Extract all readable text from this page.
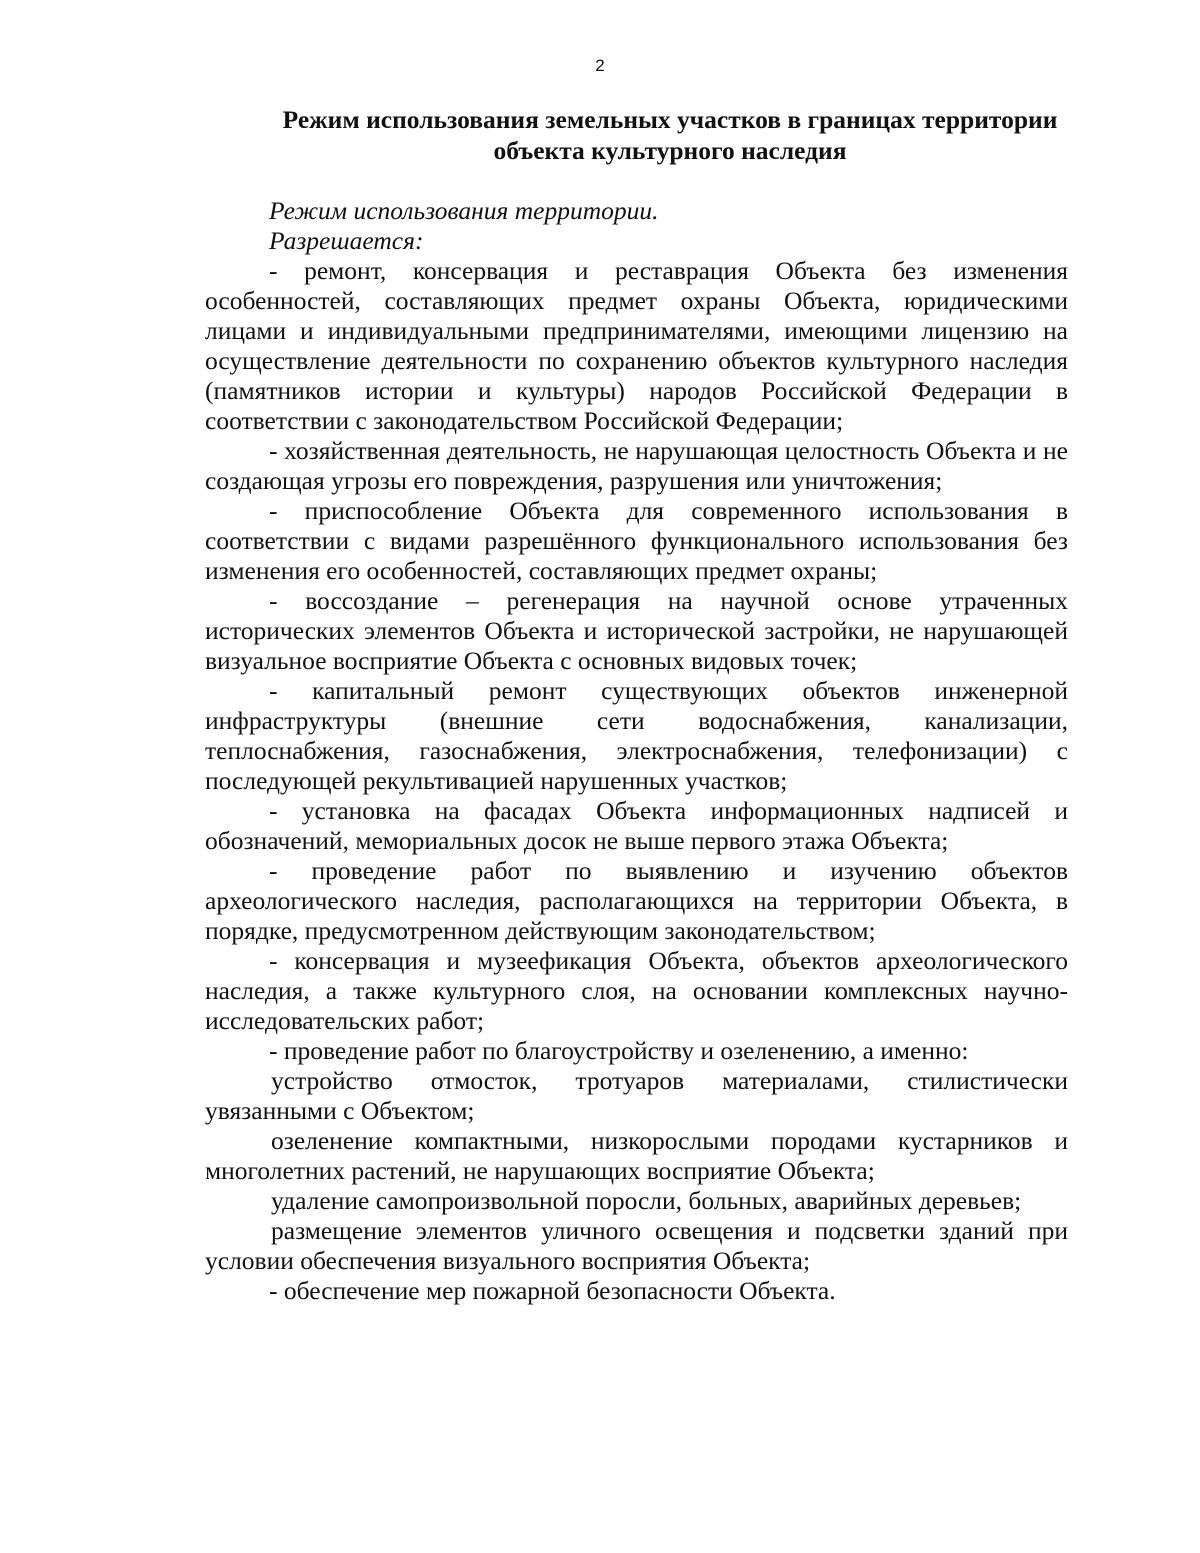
2
Режим использования земельных участков в границах территории
объекта культурного наследия

Режим использования территории.

Разрешается:

- ремонт, консервация и реставрация Объекта без изменения особенностей, составляющих предмет охраны Объекта, юридическими лицами и индивидуальными предпринимателями, имеющими лицензию на осуществление деятельности по сохранению объектов культурного наследия (памятников истории и культуры) народов Российской Федерации в соответствии с законодательством Российской Федерации;

- хозяйственная деятельность, не нарушающая целостность Объекта и не создающая угрозы его повреждения, разрушения или уничтожения;

- приспособление Объекта для современного использования в соответствии с видами разрешённого функционального использования без изменения его особенностей, составляющих предмет охраны;

- воссоздание – регенерация на научной основе утраченных исторических элементов Объекта и исторической застройки, не нарушающей визуальное восприятие Объекта с основных видовых точек;

- капитальный ремонт существующих объектов инженерной инфраструктуры (внешние сети водоснабжения, канализации, теплоснабжения, газоснабжения, электроснабжения, телефонизации) с последующей рекультивацией нарушенных участков;

- установка на фасадах Объекта информационных надписей и обозначений, мемориальных досок не выше первого этажа Объекта;

- проведение работ по выявлению и изучению объектов археологического наследия, располагающихся на территории Объекта, в порядке, предусмотренном действующим законодательством;

- консервация и музеефикация Объекта, объектов археологического наследия, а также культурного слоя, на основании комплексных научно-исследовательских работ;

- проведение работ по благоустройству и озеленению, а именно:

устройство отмосток, тротуаров материалами, стилистически увязанными с Объектом;

озеленение компактными, низкорослыми породами кустарников и многолетних растений, не нарушающих восприятие Объекта;

удаление самопроизвольной поросли, больных, аварийных деревьев;

размещение элементов уличного освещения и подсветки зданий при условии обеспечения визуального восприятия Объекта;

- обеспечение мер пожарной безопасности Объекта.
